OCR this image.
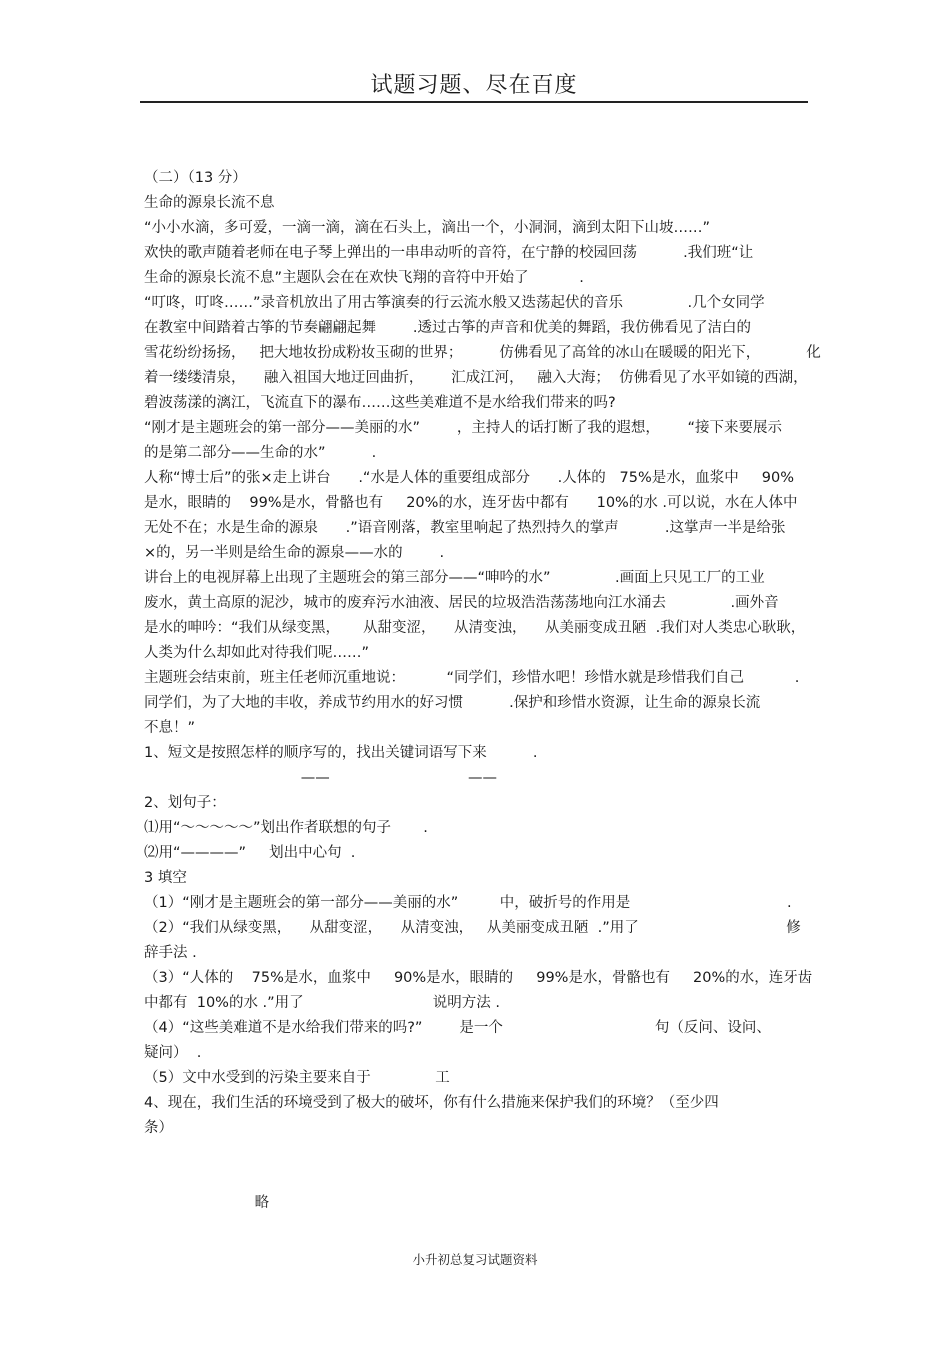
试题习题、尽在百度
（二）（13 分）
生命的源泉长流不息
“小小水滴，多可爱，一滴一滴，滴在石头上，滴出一个，小洞洞，滴到太阳下山坡……”
欢快的歌声随着老师在电子琴上弹出的一串串动听的音符，在宁静的校园回荡          .我们班“让
生命的源泉长流不息”主题队会在在欢快飞翔的音符中开始了           .
“叮咚，叮咚……”录音机放出了用古筝演奏的行云流水般又迭荡起伏的音乐              .几个女同学
在教室中间踏着古筝的节奏翩翩起舞        .透过古筝的声音和优美的舞蹈，我仿佛看见了洁白的
雪花纷纷扬扬，   把大地妆扮成粉妆玉砌的世界；        仿佛看见了高耸的冰山在暖暖的阳光下，          化
着一缕缕清泉，    融入祖国大地迂回曲折，      汇成江河，   融入大海；  仿佛看见了水平如镜的西湖，
碧波荡漾的漓江，飞流直下的瀑布……这些美难道不是水给我们带来的吗?
“刚才是主题班会的第一部分——美丽的水”        ，主持人的话打断了我的遐想，      “接下来要展示
的是第二部分——生命的水”          .
人称“博士后”的张×走上讲台      .“水是人体的重要组成部分      .人体的   75%是水，血浆中     90%
是水，眼睛的    99%是水，骨骼也有     20%的水，连牙齿中都有      10%的水 .可以说，水在人体中
无处不在；水是生命的源泉      .”语音刚落，教室里响起了热烈持久的掌声          .这掌声一半是给张
×的，另一半则是给生命的源泉——水的        .
讲台上的电视屏幕上出现了主题班会的第三部分——“呻吟的水”              .画面上只见工厂的工业
废水，黄土高原的泥沙，城市的废弃污水油液、居民的垃圾浩浩荡荡地向江水涌去              .画外音
是水的呻吟：“我们从绿变黑，     从甜变涩，    从清变浊，    从美丽变成丑陋  .我们对人类忠心耿耿，
人类为什么却如此对待我们呢……”
主题班会结束前，班主任老师沉重地说：         “同学们，珍惜水吧！珍惜水就是珍惜我们自己           .
同学们，为了大地的丰收，养成节约用水的好习惯          .保护和珍惜水资源，让生命的源泉长流
不息！”
1、短文是按照怎样的顺序写的，找出关键词语写下来          .
——                              ——
2、划句子：
⑴用“～～～～～”划出作者联想的句子       .
⑵用“————”     划出中心句  .
3 填空
（1）“刚才是主题班会的第一部分——美丽的水”         中，破折号的作用是                                  .
（2）“我们从绿变黑，    从甜变涩，    从清变浊，   从美丽变成丑陋  .”用了                                修
辞手法 .
（3）“人体的    75%是水，血浆中     90%是水，眼睛的     99%是水，骨骼也有     20%的水，连牙齿
中都有  10%的水 .”用了                            说明方法 .
（4）“这些美难道不是水给我们带来的吗?”        是一个                                 句（反问、设问、
疑问）  .
（5）文中水受到的污染主要来自于              工
4、现在，我们生活的环境受到了极大的破坏，你有什么措施来保护我们的环境？（至少四
条）
略
小升初总复习试题资料
